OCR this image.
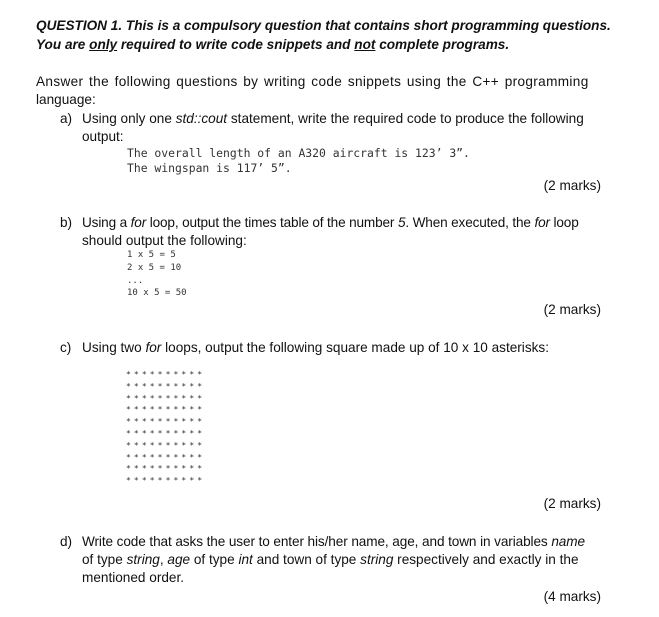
QUESTION 1. This is a compulsory question that contains short programming questions.
You are only required to write code snippets and not complete programs.
Answer the following questions by writing code snippets using the C++ programming
language:
a) Using only one std::cout statement, write the required code to produce the following
output:
The overall length of an A320 aircraft is 123’ 3”.
The wingspan is 117’ 5”.
(2 marks)
b) Using a for loop, output the times table of the number 5. When executed, the for loop
should output the following:
1 x 5 = 5
2 x 5 = 10
...
10 x 5 = 50
(2 marks)
c) Using two for loops, output the following square made up of 10 x 10 asterisks:
**********
**********
**********
**********
**********
**********
**********
**********
**********
**********
(2 marks)
d) Write code that asks the user to enter his/her name, age, and town in variables name
of type string, age of type int and town of type string respectively and exactly in the
mentioned order.
(4 marks)
